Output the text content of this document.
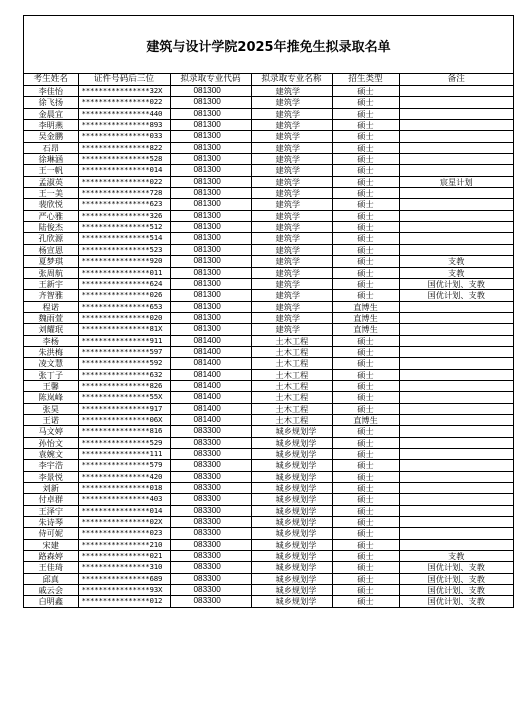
建筑与设计学院2025年推免生拟录取名单
考生姓名	证件号码后三位	拟录取专业代码	拟录取专业名称	招生类型	备注
李佳怡	****************32X	081300	建筑学	硕士	
徐飞扬	****************022	081300	建筑学	硕士	
金晨宜	****************440	081300	建筑学	硕士	
李明燕	****************893	081300	建筑学	硕士	
吴金鹏	****************033	081300	建筑学	硕士	
石昂	****************822	081300	建筑学	硕士	
徐琳涵	****************528	081300	建筑学	硕士	
王一帆	****************014	081300	建筑学	硕士	
孟淑英	****************022	081300	建筑学	硕士	宸星计划
王一美	****************728	081300	建筑学	硕士	
裴欣悦	****************623	081300	建筑学	硕士	
严心雅	****************326	081300	建筑学	硕士	
陆俊杰	****************512	081300	建筑学	硕士	
孔欣源	****************514	081300	建筑学	硕士	
杨宣恩	****************523	081300	建筑学	硕士	
夏梦琪	****************920	081300	建筑学	硕士	支教
张周航	****************011	081300	建筑学	硕士	支教
王新宇	****************624	081300	建筑学	硕士	国优计划、支教
齐智雅	****************026	081300	建筑学	硕士	国优计划、支教
程诺	****************653	081300	建筑学	直博生	
魏雨萱	****************020	081300	建筑学	直博生	
刘耀珉	****************81X	081300	建筑学	直博生	
李杨	****************911	081400	土木工程	硕士	
朱洪梅	****************597	081400	土木工程	硕士	
凌文慧	****************592	081400	土木工程	硕士	
张丁子	****************632	081400	土木工程	硕士	
王馨	****************826	081400	土木工程	硕士	
陈岚峰	****************55X	081400	土木工程	硕士	
张昊	****************917	081400	土木工程	硕士	
王诺	****************06X	081400	土木工程	直博生	
马文婷	****************816	083300	城乡规划学	硕士	
孙怡文	****************529	083300	城乡规划学	硕士	
袁婉文	****************111	083300	城乡规划学	硕士	
李宇浩	****************579	083300	城乡规划学	硕士	
李景悦	****************420	083300	城乡规划学	硕士	
刘新	****************018	083300	城乡规划学	硕士	
付卓群	****************403	083300	城乡规划学	硕士	
王泽宁	****************014	083300	城乡规划学	硕士	
朱诗琴	****************02X	083300	城乡规划学	硕士	
侍可妮	****************023	083300	城乡规划学	硕士	
宋建	****************210	083300	城乡规划学	硕士	
路森婷	****************021	083300	城乡规划学	硕士	支教
王佳琦	****************310	083300	城乡规划学	硕士	国优计划、支教
邱真	****************689	083300	城乡规划学	硕士	国优计划、支教
戚云会	****************93X	083300	城乡规划学	硕士	国优计划、支教
白明鑫	****************012	083300	城乡规划学	硕士	国优计划、支教
